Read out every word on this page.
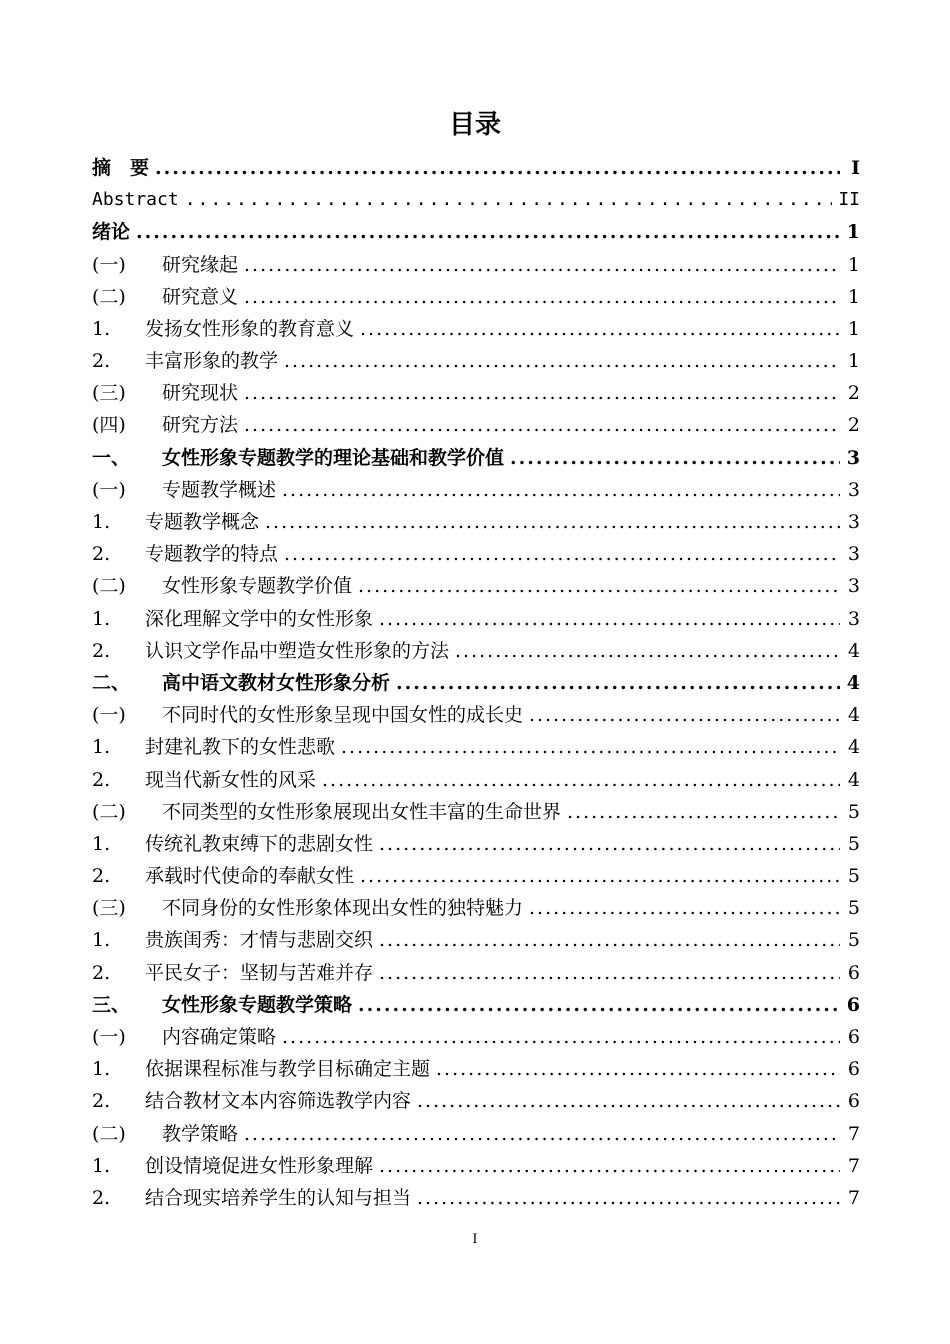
目录
摘　要 .....	I
Abstract .....	II
绪论 .....	1
(一)	研究缘起 .....	1
(二)	研究意义 .....	1
1.	发扬女性形象的教育意义 .....	1
2.	丰富形象的教学 .....	1
(三)	研究现状 .....	2
(四)	研究方法 .....	2
一、	女性形象专题教学的理论基础和教学价值 .....	3
(一)	专题教学概述 .....	3
1.	专题教学概念 .....	3
2.	专题教学的特点 .....	3
(二)	女性形象专题教学价值 .....	3
1.	深化理解文学中的女性形象 .....	3
2.	认识文学作品中塑造女性形象的方法 .....	4
二、	高中语文教材女性形象分析 .....	4
(一)	不同时代的女性形象呈现中国女性的成长史 .....	4
1.	封建礼教下的女性悲歌 .....	4
2.	现当代新女性的风采 .....	4
(二)	不同类型的女性形象展现出女性丰富的生命世界 .....	5
1.	传统礼教束缚下的悲剧女性 .....	5
2.	承载时代使命的奉献女性 .....	5
(三)	不同身份的女性形象体现出女性的独特魅力 .....	5
1.	贵族闺秀：才情与悲剧交织 .....	5
2.	平民女子：坚韧与苦难并存 .....	6
三、	女性形象专题教学策略 .....	6
(一)	内容确定策略 .....	6
1.	依据课程标准与教学目标确定主题 .....	6
2.	结合教材文本内容筛选教学内容 .....	6
(二)	教学策略 .....	7
1.	创设情境促进女性形象理解 .....	7
2.	结合现实培养学生的认知与担当 .....	7
I
